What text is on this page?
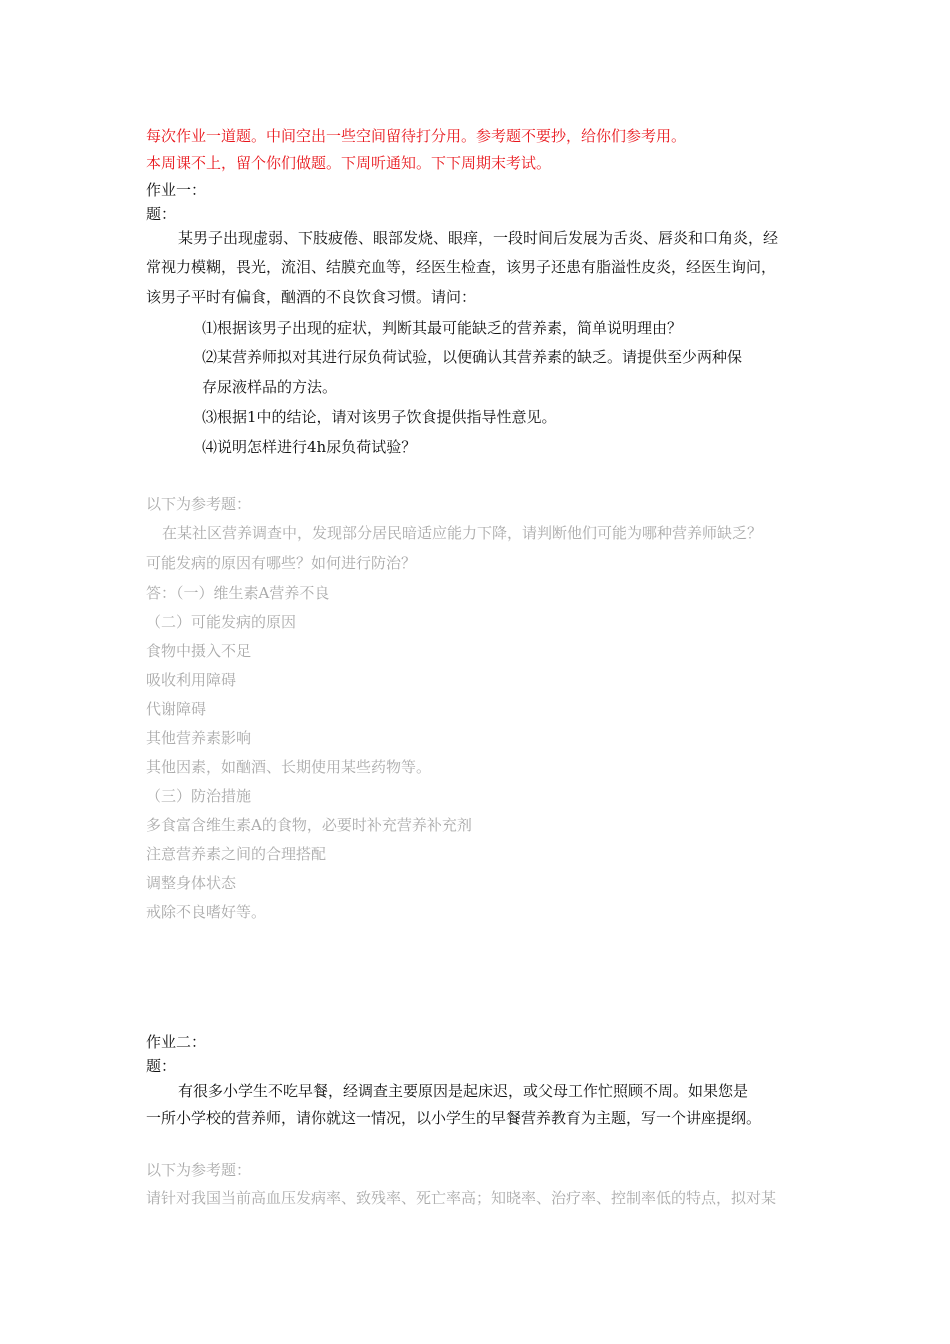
每次作业一道题。中间空出一些空间留待打分用。参考题不要抄，给你们参考用。
本周课不上，留个你们做题。下周听通知。下下周期末考试。
作业一：
题：
某男子出现虚弱、下肢疲倦、眼部发烧、眼痒，一段时间后发展为舌炎、唇炎和口角炎，经
常视力模糊，畏光，流泪、结膜充血等，经医生检查，该男子还患有脂溢性皮炎，经医生询问，
该男子平时有偏食，酗酒的不良饮食习惯。请问：
⑴根据该男子出现的症状，判断其最可能缺乏的营养素，简单说明理由？
⑵某营养师拟对其进行尿负荷试验，以便确认其营养素的缺乏。请提供至少两种保
存尿液样品的方法。
⑶根据1中的结论，请对该男子饮食提供指导性意见。
⑷说明怎样进行4h尿负荷试验？
以下为参考题：
在某社区营养调查中，发现部分居民暗适应能力下降，请判断他们可能为哪种营养师缺乏？
可能发病的原因有哪些？如何进行防治？
答：（一）维生素A营养不良
（二）可能发病的原因
食物中摄入不足
吸收利用障碍
代谢障碍
其他营养素影响
其他因素，如酗酒、长期使用某些药物等。
（三）防治措施
多食富含维生素A的食物，必要时补充营养补充剂
注意营养素之间的合理搭配
调整身体状态
戒除不良嗜好等。
作业二：
题：
有很多小学生不吃早餐，经调查主要原因是起床迟，或父母工作忙照顾不周。如果您是
一所小学校的营养师，请你就这一情况，以小学生的早餐营养教育为主题，写一个讲座提纲。
以下为参考题：
请针对我国当前高血压发病率、致残率、死亡率高；知晓率、治疗率、控制率低的特点，拟对某
